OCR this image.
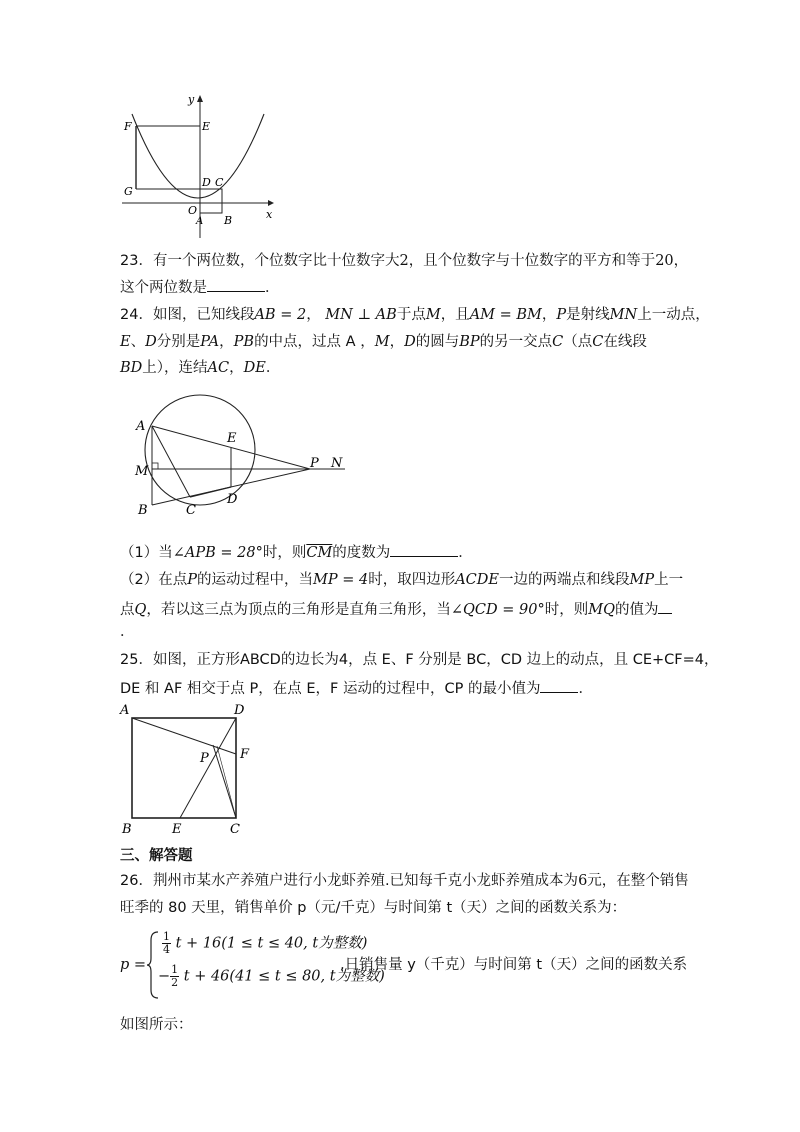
y
x
F	E
G
D C
O
A B
23．有一个两位数，个位数字比十位数字大2，且个位数字与十位数字的平方和等于20，
这个两位数是	．
24．如图，已知线段AB = 2， MN ⊥ AB于点M，且AM = BM，P是射线MN上一动点，
E、D分别是PA，PB的中点，过点 A ，M，D的圆与BP的另一交点C（点C在线段
BD上），连结AC，DE．
A
E
M
P N
B	C
D
（1）当∠APB = 28°时，则$\overline{CM}$的度数为	．
（2）在点P的运动过程中，当MP = 4时，取四边形ACDE一边的两端点和线段MP上一
点Q，若以这三点为顶点的三角形是直角三角形，当∠QCD = 90°时，则MQ的值为
．
25．如图，正方形ABCD的边长为4，点 E、F 分别是 BC，CD 边上的动点，且 CE+CF=4，
DE 和 AF 相交于点 P，在点 E，F 运动的过程中，CP 的最小值为	．
A	D
P F
B	E	C
三、解答题
26．荆州市某水产养殖户进行小龙虾养殖.已知每千克小龙虾养殖成本为6元，在整个销售
旺季的 80 天里，销售单价 p（元/千克）与时间第 t（天）之间的函数关系为：
p =
$\frac{1}{4}$ t + 16(1 ≤ t ≤ 40, t为整数)
− $\frac{1}{2}$ t + 46(41 ≤ t ≤ 80, t为整数)
,日销售量 y（千克）与时间第 t（天）之间的函数关系
如图所示：
